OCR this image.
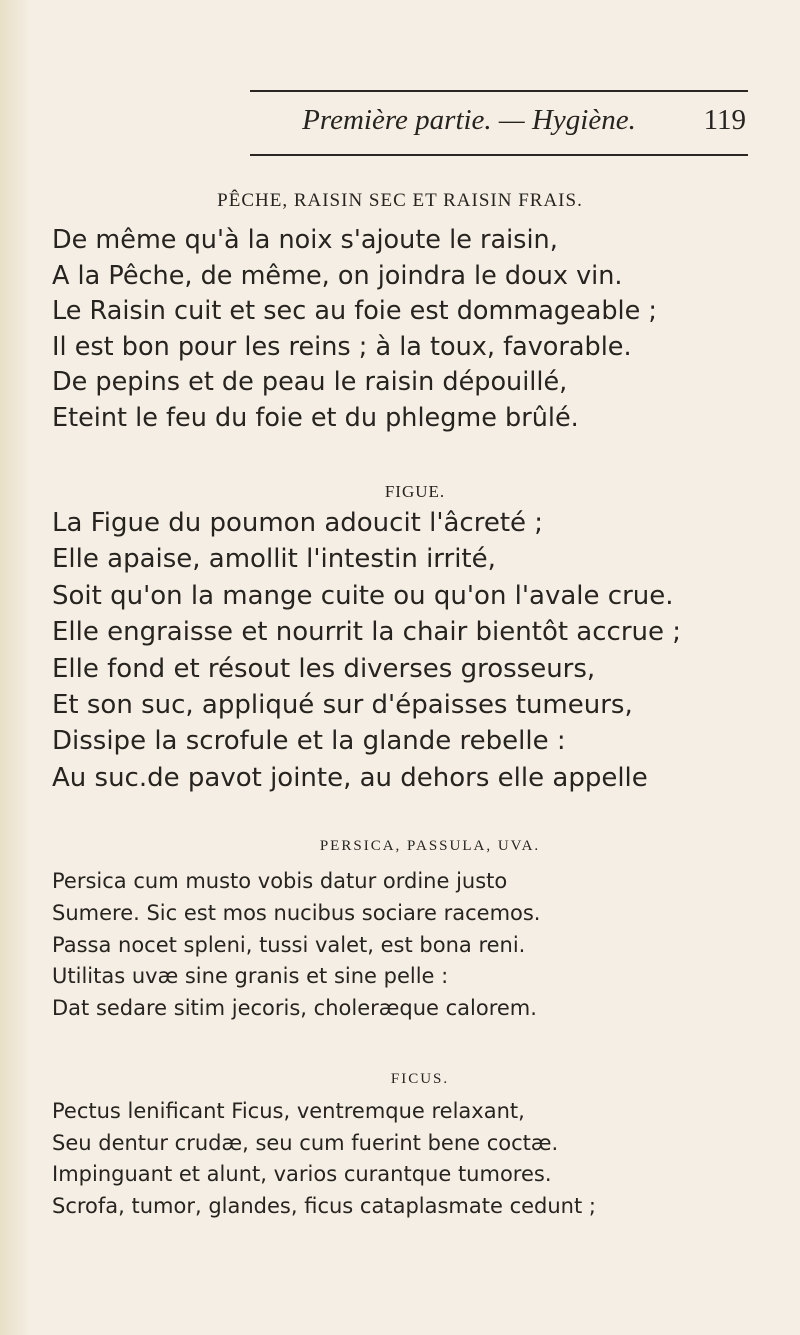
Première partie. — Hygiène.	119
PÊCHE, RAISIN SEC ET RAISIN FRAIS.
De même qu'à la noix s'ajoute le raisin,
A la Pêche, de même, on joindra le doux vin.
Le Raisin cuit et sec au foie est dommageable ;
Il est bon pour les reins ; à la toux, favorable.
De pepins et de peau le raisin dépouillé,
Eteint le feu du foie et du phlegme brûlé.
FIGUE.
La Figue du poumon adoucit l'âcreté ;
Elle apaise, amollit l'intestin irrité,
Soit qu'on la mange cuite ou qu'on l'avale crue.
Elle engraisse et nourrit la chair bientôt accrue ;
Elle fond et résout les diverses grosseurs,
Et son suc, appliqué sur d'épaisses tumeurs,
Dissipe la scrofule et la glande rebelle :
Au suc.de pavot jointe, au dehors elle appelle
PERSICA, PASSULA, UVA.
Persica cum musto vobis datur ordine justo
Sumere. Sic est mos nucibus sociare racemos.
Passa nocet spleni, tussi valet, est bona reni.
Utilitas uvæ sine granis et sine pelle :
Dat sedare sitim jecoris, choleræque calorem.
FICUS.
Pectus lenificant Ficus, ventremque relaxant,
Seu dentur crudæ, seu cum fuerint bene coctæ.
Impinguant et alunt, varios curantque tumores.
Scrofa, tumor, glandes, ficus cataplasmate cedunt ;
